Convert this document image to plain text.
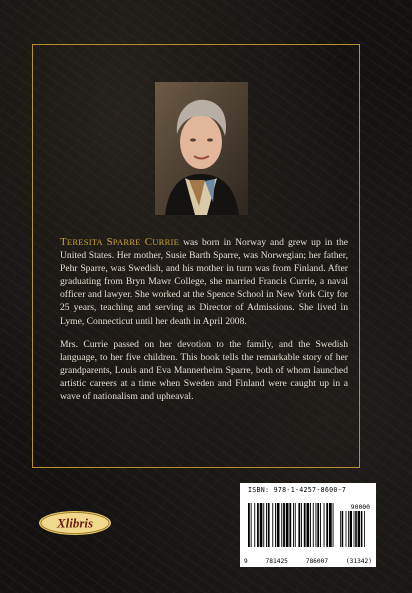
TERESITA SPARRE CURRIE was born in Norway and grew up in the United States. Her mother, Susie Barth Sparre, was Norwegian; her father, Pehr Sparre, was Swedish, and his mother in turn was from Finland. After graduating from Bryn Mawr College, she married Francis Currie, a naval officer and lawyer. She worked at the Spence School in New York City for 25 years, teaching and serving as Director of Admissions. She lived in Lyme, Connecticut until her death in April 2008.

Mrs. Currie passed on her devotion to the family, and the Swedish language, to her five children. This book tells the remarkable story of her grandparents, Louis and Eva Mannerheim Sparre, both of whom launched artistic careers at a time when Sweden and Finland were caught up in a wave of nationalism and upheaval.

Xlibris
ISBN: 978-1-4257-8600-7
90000
9	781425	786007	(31342)
